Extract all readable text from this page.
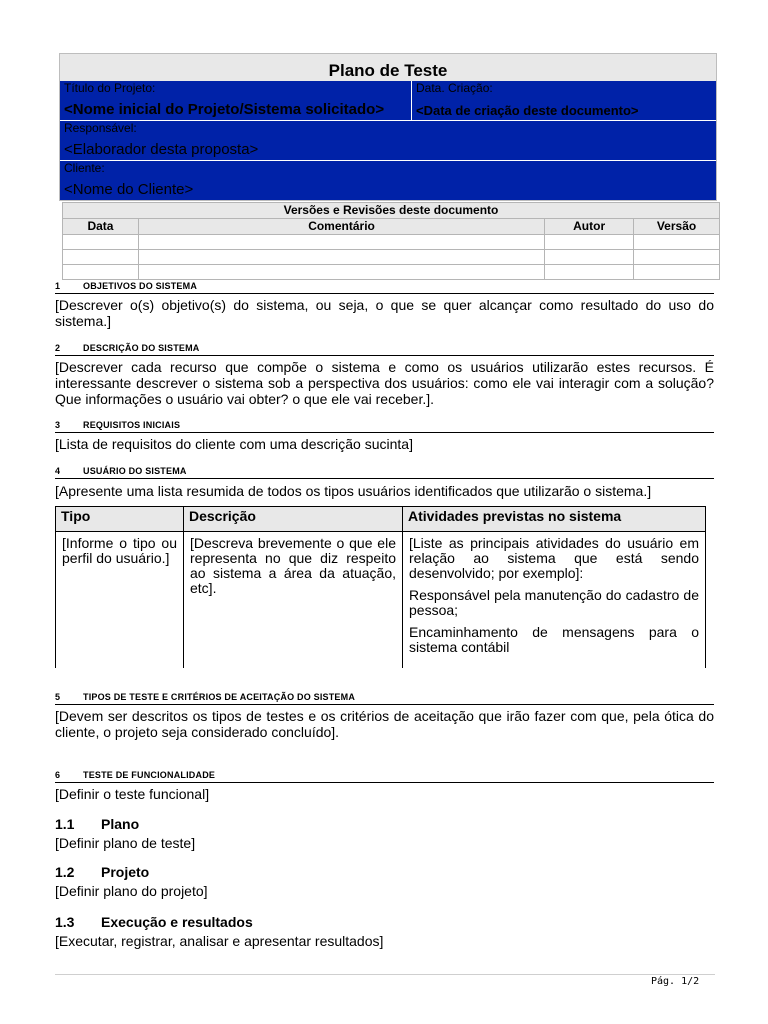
Plano de Teste
Título do Projeto:
<Nome inicial do Projeto/Sistema solicitado>
Data. Criação:
<Data de criação deste documento>
Responsável:
<Elaborador desta proposta>
Cliente:
<Nome do Cliente>
Versões e Revisões deste documento			
Data	Comentário	Autor	Versão

1	OBJETIVOS DO SISTEMA
[Descrever o(s) objetivo(s) do sistema, ou seja, o que se quer alcançar como resultado do uso do sistema.]
2	DESCRIÇÃO DO SISTEMA
[Descrever cada recurso que compõe o sistema e como os usuários utilizarão estes recursos. É interessante descrever o sistema sob a perspectiva dos usuários: como ele vai interagir com a solução? Que informações o usuário vai obter? o que ele vai receber.].
3	REQUISITOS INICIAIS
[Lista de requisitos do cliente com uma descrição sucinta]
4	USUÁRIO DO SISTEMA
[Apresente uma lista resumida de todos os tipos usuários identificados que utilizarão o sistema.]
Tipo	Descrição	Atividades previstas no sistema
[Informe o tipo ou perfil do usuário.]	[Descreva brevemente o que ele representa no que diz respeito ao sistema a área da atuação, etc].	[Liste as principais atividades do usuário em relação ao sistema que está sendo desenvolvido; por exemplo]:

Responsável pela manutenção do cadastro de pessoa;

Encaminhamento de mensagens para o sistema contábil

5	TIPOS DE TESTE E CRITÉRIOS DE ACEITAÇÃO DO SISTEMA
[Devem ser descritos os tipos de testes e os critérios de aceitação que irão fazer com que, pela ótica do cliente, o projeto seja considerado concluído].
6	TESTE DE FUNCIONALIDADE
[Definir o teste funcional]
1.1 Plano
[Definir plano de teste]
1.2 Projeto
[Definir plano do projeto]
1.3 Execução e resultados
[Executar, registrar, analisar e apresentar resultados]
Pág. 1/2
